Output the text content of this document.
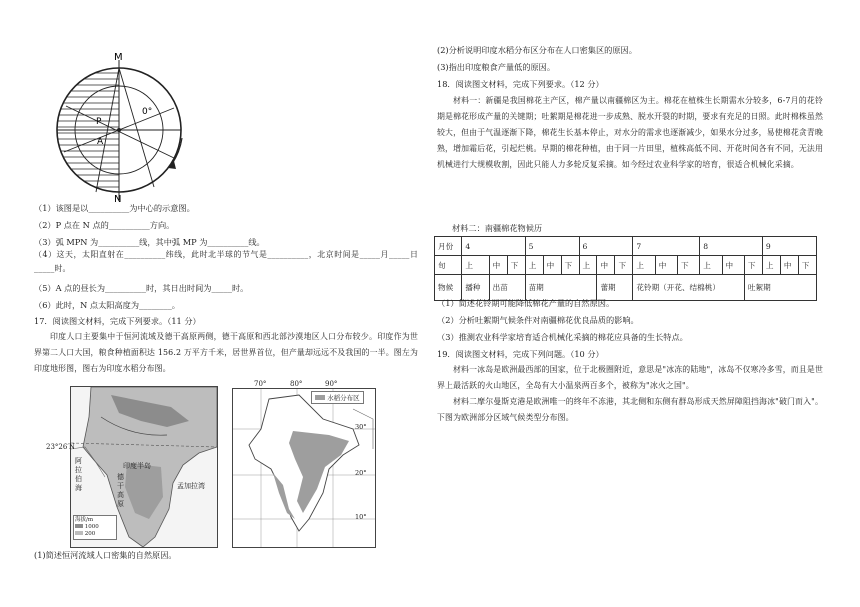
M
N
P
A
0°
（1）该图是以__________为中心的示意图。
（2）P 点在 N 点的__________方向。
（3）弧 MPN 为__________线，其中弧 MP 为__________线。
（4）这天，太阳直射在__________纬线，此时北半球的节气是__________，北京时间是_____月_____日_____时。
（5）A 点的昼长为__________时，其日出时间为_____时。
（6）此时，N 点太阳高度为________。
17．阅读图文材料，完成下列要求。（11 分）
印度人口主要集中于恒河流域及德干高原两侧，德干高原和西北部沙漠地区人口分布较少。印度作为世界第二人口大国，粮食种植面积达 156.2 万平方千米，居世界首位，但产量却远远不及我国的一半。图左为印度地形图，图右为印度水稻分布图。
阿
拉
伯
海	孟加拉湾
印度半岛
德
干
高
原
海拔/m
1000
200
23°26′N
70°	80°	90°
水稻分布区
30°
20°
10°
(1)简述恒河流域人口密集的自然原因。
(2)分析说明印度水稻分布区分布在人口密集区的原因。
(3)指出印度粮食产量低的原因。
18．阅读图文材料，完成下列要求。（12 分）
材料一：新疆是我国棉花主产区，棉产量以南疆棉区为主。棉花在植株生长期需水分较多，6-7月的花铃期是棉花形成产量的关键期；吐絮期是棉花进一步成熟、脱水开裂的时期，要求有充足的日照。此时棉株虽然较大，但由于气温逐渐下降，棉花生长基本停止，对水分的需求也逐渐减少，如果水分过多，易使棉花贪青晚熟，增加霜后花，引起烂桃。早期的棉花种植，由于同一片田里，植株高低不同、开花时间各有不同，无法用机械进行大规模收割，因此只能人力多轮反复采摘。如今经过农业科学家的培育，很适合机械化采摘。
材料二：南疆棉花物候历
月份	4			5			6			7			8			9		
旬	上	中	下	上	中	下	上	中	下	上	中	下	上	中	下	上	中	下
物候	播种	出苗		苗期				蕾期		花铃期（开花、结棉桃）					吐絮期			
（1）简述花铃期可能降低棉花产量的自然原因。
（2）分析吐絮期气候条件对南疆棉花优良品质的影响。
（3）推测农业科学家培育适合机械化采摘的棉花应具备的生长特点。
19．阅读图文材料，完成下列问题。（10 分）
材料一冰岛是欧洲最西部的国家，位于北极圈附近，意思是"冰冻的陆地"，冰岛不仅寒冷多雪，而且是世界上最活跃的火山地区，全岛有大小温泉两百多个，被称为"冰火之国"。
材料二摩尔曼斯克港是欧洲唯一的终年不冻港，其北侧和东侧有群岛形成天然屏障阻挡海冰"破门而入"。下图为欧洲部分区域气候类型分布图。
